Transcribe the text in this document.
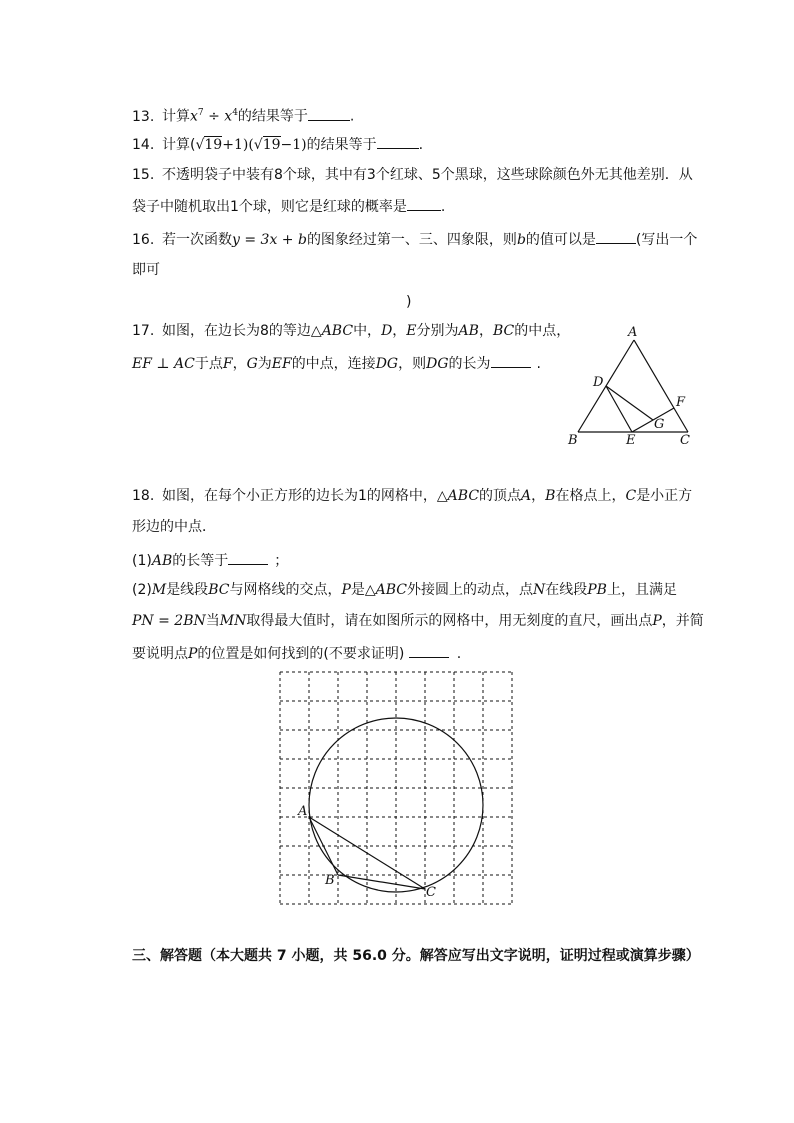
13. 计算$x^7 \div x^4$的结果等于	.
14. 计算(√19+1)(√19−1)的结果等于	.
15. 不透明袋子中装有8个球，其中有3个红球、5个黑球，这些球除颜色外无其他差别．从
袋子中随机取出1个球，则它是红球的概率是 .
16. 若一次函数y = 3x + b的图象经过第一、三、四象限，则b的值可以是	(写出一个
即可
)
17. 如图，在边长为8的等边△ABC中，D，E分别为AB，BC的中点，
EF ⊥ AC于点F，G为EF的中点，连接DG，则DG的长为	.
A
B	C
D
E
F
G
18. 如图，在每个小正方形的边长为1的网格中，△ABC的顶点A，B在格点上，C是小正方
形边的中点．
(1)AB的长等于	；
(2)M是线段BC与网格线的交点，P是△ABC外接圆上的动点，点N在线段PB上，且满足
PN = 2BN当MN取得最大值时，请在如图所示的网格中，用无刻度的直尺，画出点P，并简
要说明点P的位置是如何找到的(不要求证明)	.
A
B
C
三、解答题（本大题共 7 小题，共 56.0 分。解答应写出文字说明，证明过程或演算步骤）
